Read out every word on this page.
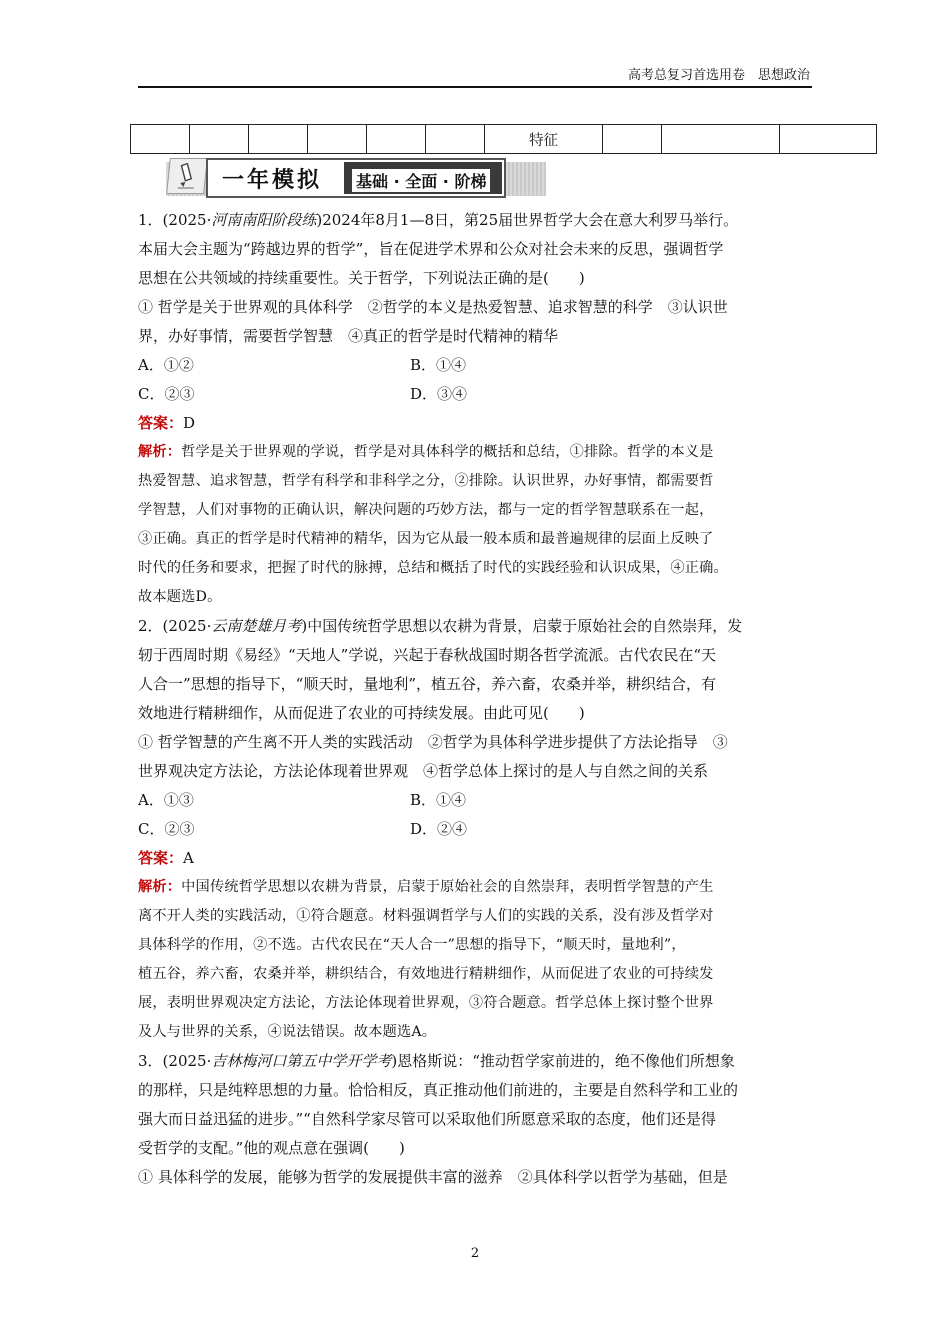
高考总复习首选用卷　思想政治
						特征			
一年模拟 基础 · 全面 · 阶梯
1．(2025·河南南阳阶段练)2024年8月1—8日，第25届世界哲学大会在意大利罗马举行。
本届大会主题为“跨越边界的哲学”，旨在促进学术界和公众对社会未来的反思，强调哲学
思想在公共领域的持续重要性。关于哲学，下列说法正确的是(　　)
① 哲学是关于世界观的具体科学　②哲学的本义是热爱智慧、追求智慧的科学　③认识世
界，办好事情，需要哲学智慧　④真正的哲学是时代精神的精华
A．①②	B．①④
C．②③	D．③④
答案：D
解析：哲学是关于世界观的学说，哲学是对具体科学的概括和总结，①排除。哲学的本义是
热爱智慧、追求智慧，哲学有科学和非科学之分，②排除。认识世界，办好事情，都需要哲
学智慧，人们对事物的正确认识，解决问题的巧妙方法，都与一定的哲学智慧联系在一起，
③正确。真正的哲学是时代精神的精华，因为它从最一般本质和最普遍规律的层面上反映了
时代的任务和要求，把握了时代的脉搏，总结和概括了时代的实践经验和认识成果，④正确。
故本题选D。
2．(2025·云南楚雄月考)中国传统哲学思想以农耕为背景，启蒙于原始社会的自然崇拜，发
轫于西周时期《易经》“天地人”学说，兴起于春秋战国时期各哲学流派。古代农民在“天
人合一”思想的指导下，“顺天时，量地利”，植五谷，养六畜，农桑并举，耕织结合，有
效地进行精耕细作，从而促进了农业的可持续发展。由此可见(　　)
① 哲学智慧的产生离不开人类的实践活动　②哲学为具体科学进步提供了方法论指导　③
世界观决定方法论，方法论体现着世界观　④哲学总体上探讨的是人与自然之间的关系
A．①③	B．①④
C．②③	D．②④
答案：A
解析：中国传统哲学思想以农耕为背景，启蒙于原始社会的自然崇拜，表明哲学智慧的产生
离不开人类的实践活动，①符合题意。材料强调哲学与人们的实践的关系，没有涉及哲学对
具体科学的作用，②不选。古代农民在“天人合一”思想的指导下，“顺天时，量地利”，
植五谷，养六畜，农桑并举，耕织结合，有效地进行精耕细作，从而促进了农业的可持续发
展，表明世界观决定方法论，方法论体现着世界观，③符合题意。哲学总体上探讨整个世界
及人与世界的关系，④说法错误。故本题选A。
3．(2025·吉林梅河口第五中学开学考)恩格斯说：“推动哲学家前进的，绝不像他们所想象
的那样，只是纯粹思想的力量。恰恰相反，真正推动他们前进的，主要是自然科学和工业的
强大而日益迅猛的进步。”“自然科学家尽管可以采取他们所愿意采取的态度，他们还是得
受哲学的支配。”他的观点意在强调(　　)
① 具体科学的发展，能够为哲学的发展提供丰富的滋养　②具体科学以哲学为基础，但是
2
